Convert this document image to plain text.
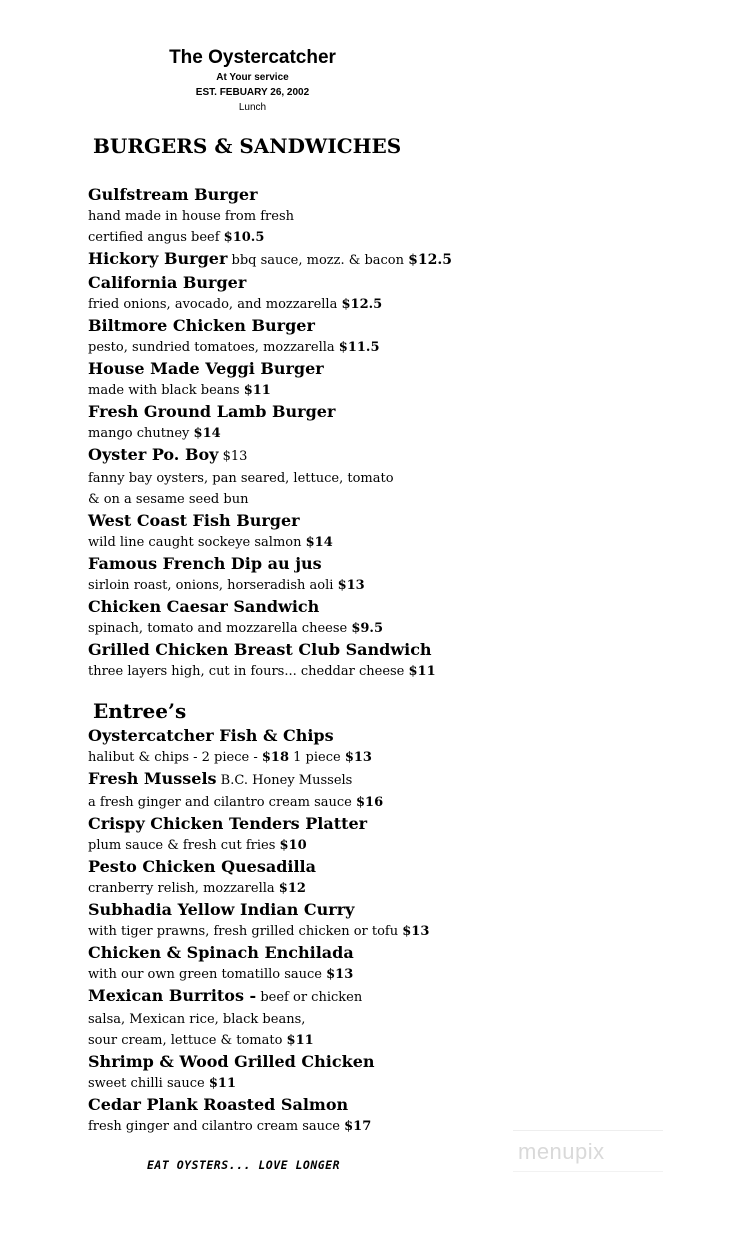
The Oystercatcher
At Your service
EST. FEBUARY 26, 2002
Lunch
BURGERS & SANDWICHES
Gulfstream Burger
hand made in house from fresh
certified angus beef $10.5
Hickory Burger bbq sauce, mozz. & bacon $12.5
California Burger
fried onions, avocado, and mozzarella $12.5
Biltmore Chicken Burger
pesto, sundried tomatoes, mozzarella $11.5
House Made Veggi Burger
made with black beans $11
Fresh Ground Lamb Burger
mango chutney $14
Oyster Po. Boy $13
fanny bay oysters, pan seared, lettuce, tomato
& on a sesame seed bun
West Coast Fish Burger
wild line caught sockeye salmon $14
Famous French Dip au jus
sirloin roast, onions, horseradish aoli $13
Chicken Caesar Sandwich
spinach, tomato and mozzarella cheese $9.5
Grilled Chicken Breast Club Sandwich
three layers high, cut in fours... cheddar cheese $11
Entree’s
Oystercatcher Fish & Chips
halibut & chips - 2 piece - $18 1 piece $13
Fresh Mussels B.C. Honey Mussels
a fresh ginger and cilantro cream sauce $16
Crispy Chicken Tenders Platter
plum sauce & fresh cut fries $10
Pesto Chicken Quesadilla
cranberry relish, mozzarella $12
Subhadia Yellow Indian Curry
with tiger prawns, fresh grilled chicken or tofu $13
Chicken & Spinach Enchilada
with our own green tomatillo sauce $13
Mexican Burritos - beef or chicken
salsa, Mexican rice, black beans,
sour cream, lettuce & tomato $11
Shrimp & Wood Grilled Chicken
sweet chilli sauce $11
Cedar Plank Roasted Salmon
fresh ginger and cilantro cream sauce $17
EAT OYSTERS... LOVE LONGER
menupix
